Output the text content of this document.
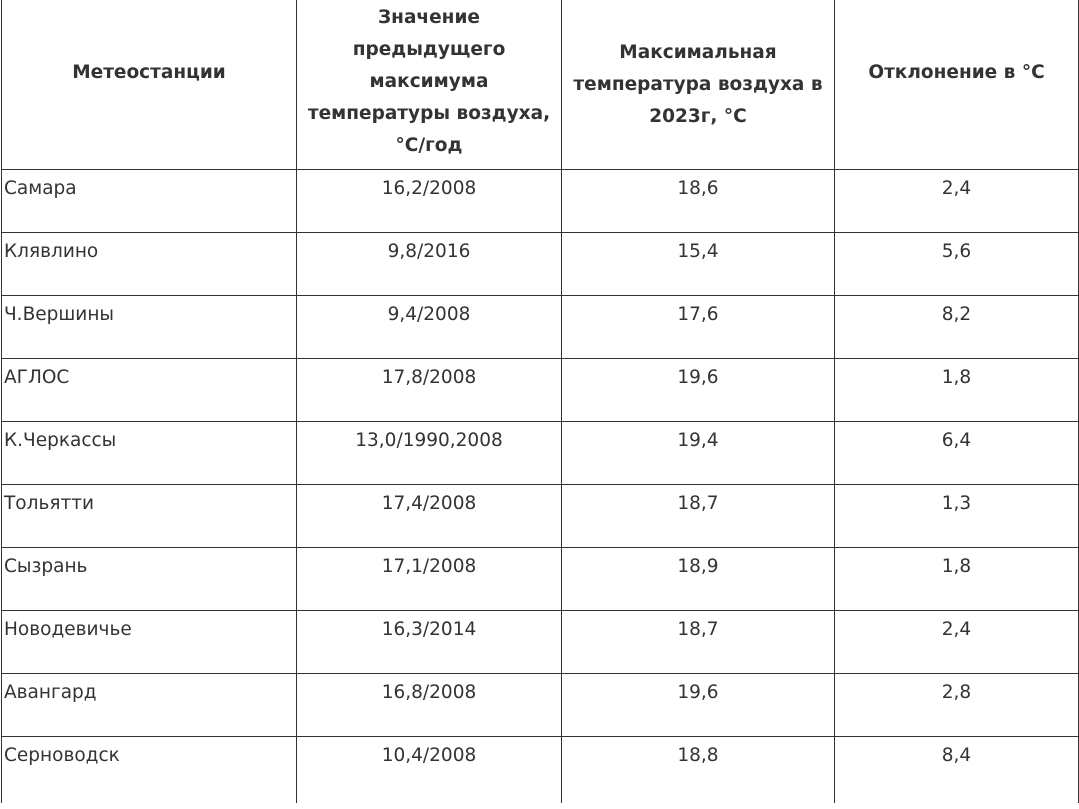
Метеостанции	Значение предыдущего максимума температуры воздуха, °С/год	Максимальная температура воздуха в 2023г, °С	Отклонение в °С
Самара	16,2/2008	18,6	2,4
Клявлино	9,8/2016	15,4	5,6
Ч.Вершины	9,4/2008	17,6	8,2
АГЛОС	17,8/2008	19,6	1,8
К.Черкассы	13,0/1990,2008	19,4	6,4
Тольятти	17,4/2008	18,7	1,3
Сызрань	17,1/2008	18,9	1,8
Новодевичье	16,3/2014	18,7	2,4
Авангард	16,8/2008	19,6	2,8
Серноводск	10,4/2008	18,8	8,4
